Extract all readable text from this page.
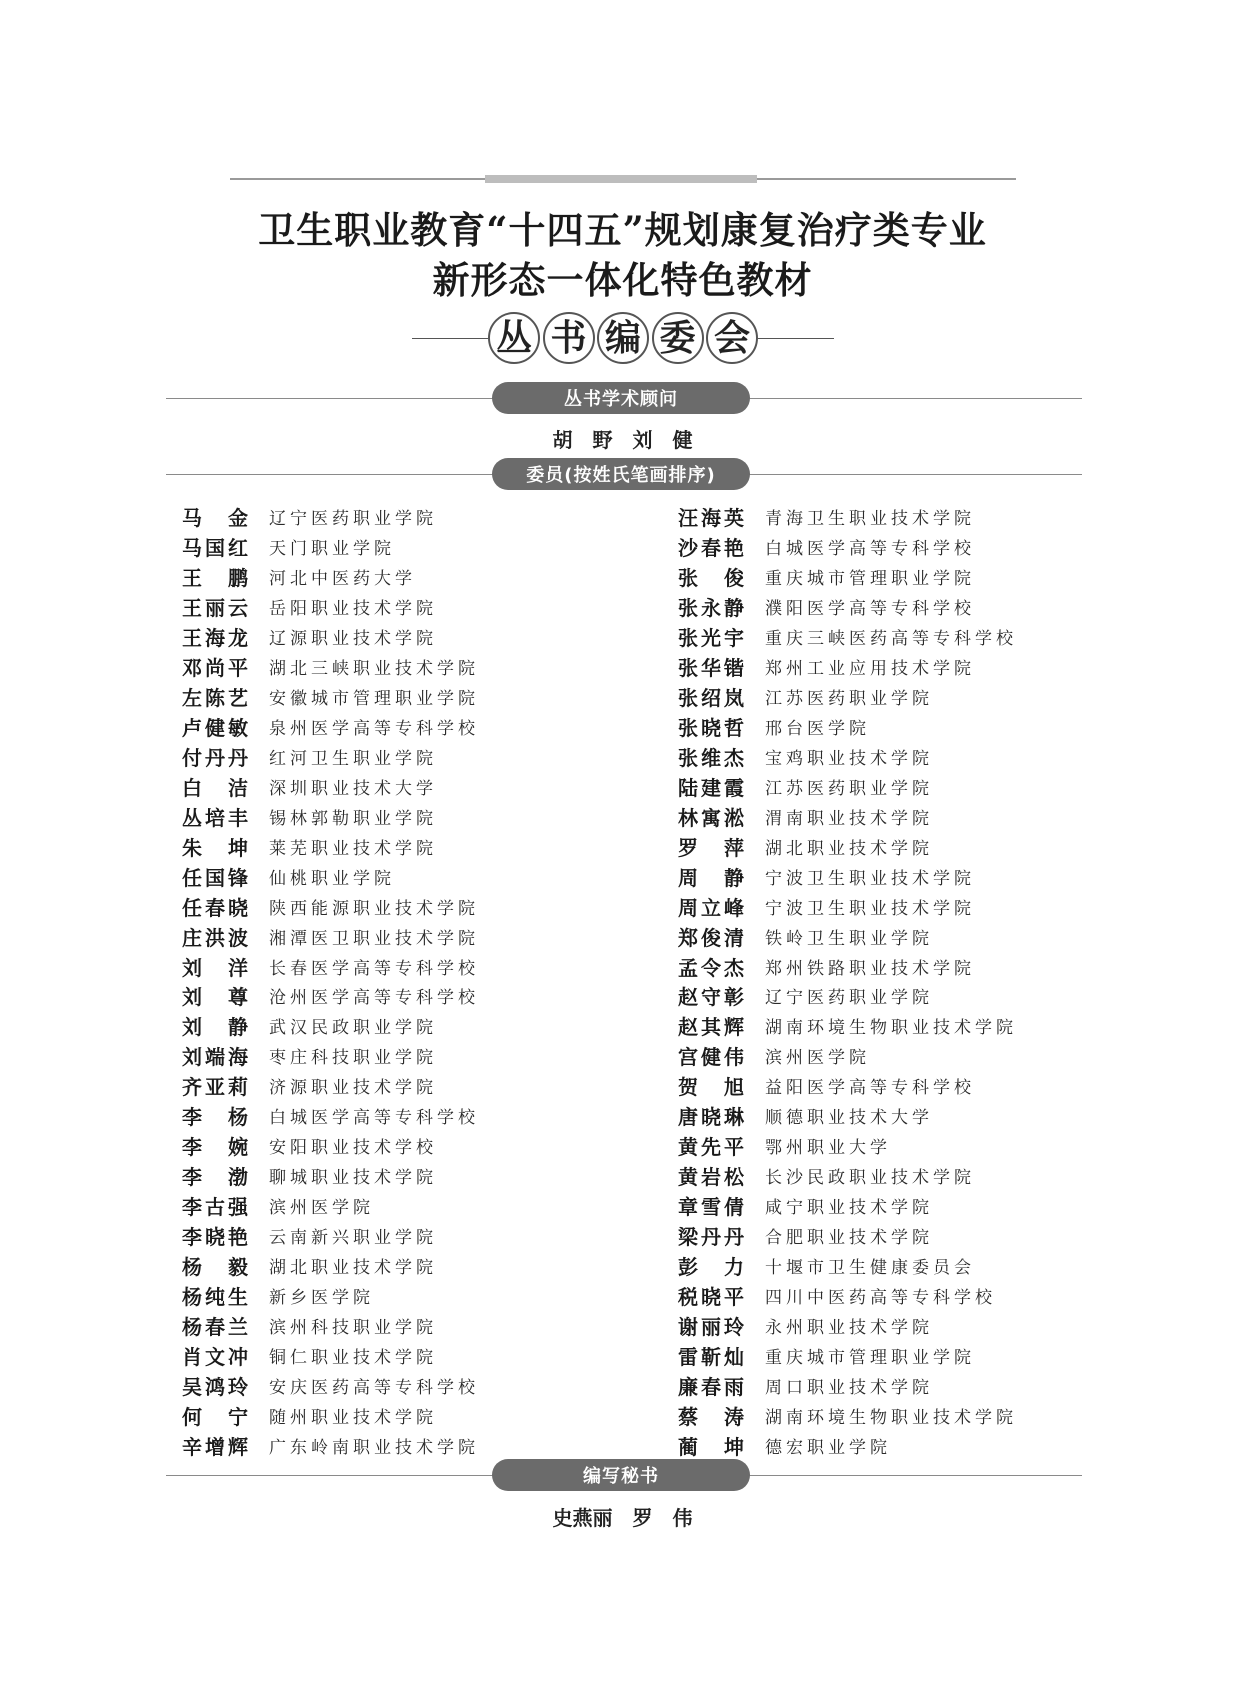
卫生职业教育“十四五”规划康复治疗类专业
新形态一体化特色教材
丛 书 编 委 会
丛书学术顾问
胡　野　刘　健
委员(按姓氏笔画排序)
马　金 辽宁医药职业学院
马国红 天门职业学院
王　鹏 河北中医药大学
王丽云 岳阳职业技术学院
王海龙 辽源职业技术学院
邓尚平 湖北三峡职业技术学院
左陈艺 安徽城市管理职业学院
卢健敏 泉州医学高等专科学校
付丹丹 红河卫生职业学院
白　洁 深圳职业技术大学
丛培丰 锡林郭勒职业学院
朱　坤 莱芜职业技术学院
任国锋 仙桃职业学院
任春晓 陕西能源职业技术学院
庄洪波 湘潭医卫职业技术学院
刘　洋 长春医学高等专科学校
刘　尊 沧州医学高等专科学校
刘　静 武汉民政职业学院
刘端海 枣庄科技职业学院
齐亚莉 济源职业技术学院
李　杨 白城医学高等专科学校
李　婉 安阳职业技术学校
李　渤 聊城职业技术学院
李古强 滨州医学院
李晓艳 云南新兴职业学院
杨　毅 湖北职业技术学院
杨纯生 新乡医学院
杨春兰 滨州科技职业学院
肖文冲 铜仁职业技术学院
吴鸿玲 安庆医药高等专科学校
何　宁 随州职业技术学院
辛增辉 广东岭南职业技术学院
汪海英 青海卫生职业技术学院
沙春艳 白城医学高等专科学校
张　俊 重庆城市管理职业学院
张永静 濮阳医学高等专科学校
张光宇 重庆三峡医药高等专科学校
张华锴 郑州工业应用技术学院
张绍岚 江苏医药职业学院
张晓哲 邢台医学院
张维杰 宝鸡职业技术学院
陆建霞 江苏医药职业学院
林寓淞 渭南职业技术学院
罗　萍 湖北职业技术学院
周　静 宁波卫生职业技术学院
周立峰 宁波卫生职业技术学院
郑俊清 铁岭卫生职业学院
孟令杰 郑州铁路职业技术学院
赵守彰 辽宁医药职业学院
赵其辉 湖南环境生物职业技术学院
宫健伟 滨州医学院
贺　旭 益阳医学高等专科学校
唐晓琳 顺德职业技术大学
黄先平 鄂州职业大学
黄岩松 长沙民政职业技术学院
章雪倩 咸宁职业技术学院
梁丹丹 合肥职业技术学院
彭　力 十堰市卫生健康委员会
税晓平 四川中医药高等专科学校
谢丽玲 永州职业技术学院
雷靳灿 重庆城市管理职业学院
廉春雨 周口职业技术学院
蔡　涛 湖南环境生物职业技术学院
蔺　坤 德宏职业学院
编写秘书
史燕丽　罗　伟
